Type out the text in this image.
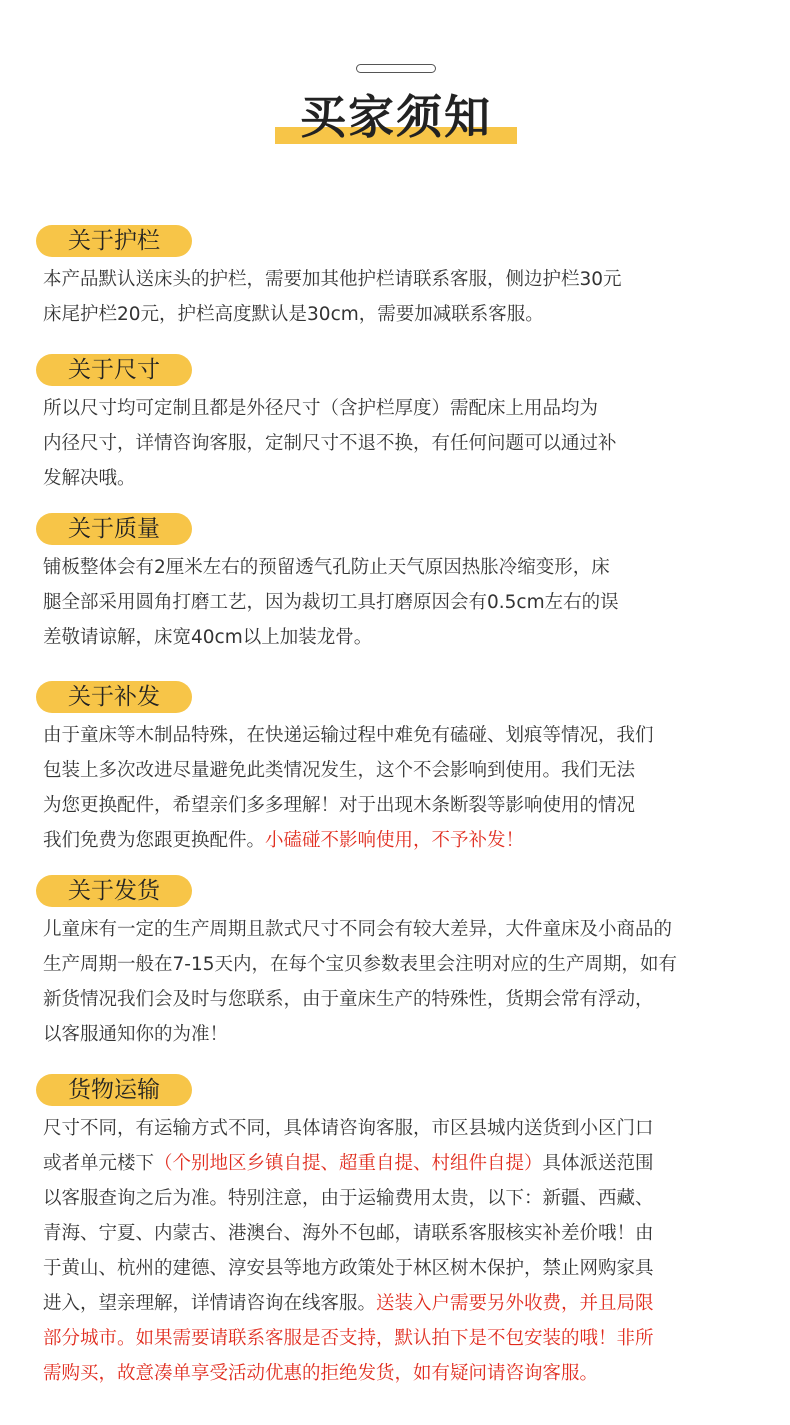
买家须知
关于护栏
本产品默认送床头的护栏，需要加其他护栏请联系客服，侧边护栏30元
床尾护栏20元，护栏高度默认是30cm，需要加减联系客服。
关于尺寸
所以尺寸均可定制且都是外径尺寸（含护栏厚度）需配床上用品均为
内径尺寸，详情咨询客服，定制尺寸不退不换，有任何问题可以通过补
发解决哦。
关于质量
铺板整体会有2厘米左右的预留透气孔防止天气原因热胀冷缩变形，床
腿全部采用圆角打磨工艺，因为裁切工具打磨原因会有0.5cm左右的误
差敬请谅解，床宽40cm以上加装龙骨。
关于补发
由于童床等木制品特殊，在快递运输过程中难免有磕碰、划痕等情况，我们
包装上多次改进尽量避免此类情况发生，这个不会影响到使用。我们无法
为您更换配件，希望亲们多多理解！对于出现木条断裂等影响使用的情况
我们免费为您跟更换配件。小磕碰不影响使用，不予补发！
关于发货
儿童床有一定的生产周期且款式尺寸不同会有较大差异，大件童床及小商品的
生产周期一般在7-15天内，在每个宝贝参数表里会注明对应的生产周期，如有
新货情况我们会及时与您联系，由于童床生产的特殊性，货期会常有浮动，
以客服通知你的为准！
货物运输
尺寸不同，有运输方式不同，具体请咨询客服，市区县城内送货到小区门口
或者单元楼下（个别地区乡镇自提、超重自提、村组件自提）具体派送范围
以客服查询之后为准。特别注意，由于运输费用太贵，以下：新疆、西藏、
青海、宁夏、内蒙古、港澳台、海外不包邮，请联系客服核实补差价哦！由
于黄山、杭州的建德、淳安县等地方政策处于林区树木保护，禁止网购家具
进入，望亲理解，详情请咨询在线客服。送装入户需要另外收费，并且局限
部分城市。如果需要请联系客服是否支持，默认拍下是不包安装的哦！非所
需购买，故意凑单享受活动优惠的拒绝发货，如有疑问请咨询客服。
